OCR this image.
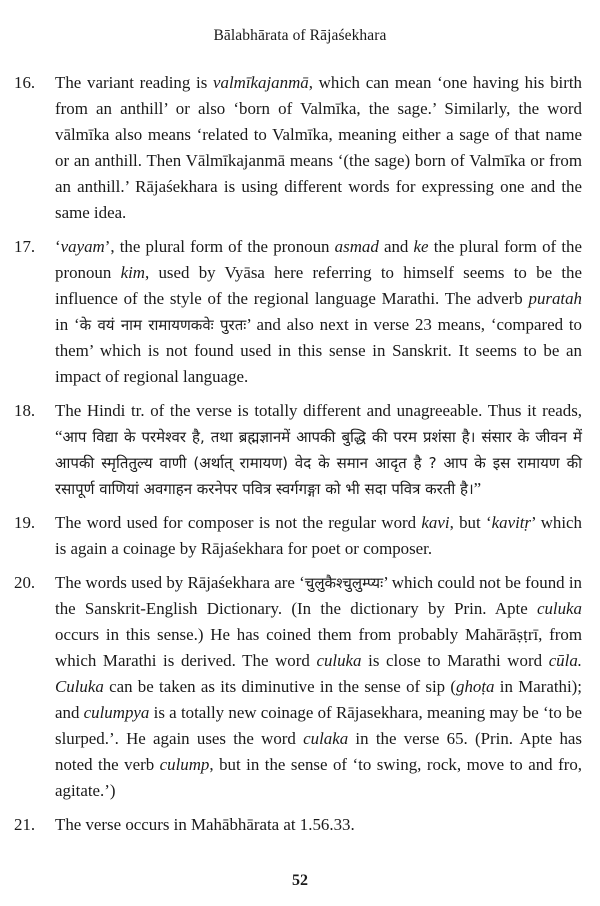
Bālabhārata of Rājaśekhara
16. The variant reading is valmīkajanmā, which can mean ‘one having his birth from an anthill’ or also ‘born of Valmīka, the sage.’ Similarly, the word vālmīka also means ‘related to Valmīka, meaning either a sage of that name or an anthill. Then Vālmīkajanmā means ‘(the sage) born of Valmīka or from an anthill.’ Rājaśekhara is using different words for expressing one and the same idea.
17. ‘vayam’, the plural form of the pronoun asmad and ke the plural form of the pronoun kim, used by Vyāsa here referring to himself seems to be the influence of the style of the regional language Marathi. The adverb puratah in ‘के वयं नाम रामायणकवेः पुरतः’ and also next in verse 23 means, ‘compared to them’ which is not found used in this sense in Sanskrit. It seems to be an impact of regional language.
18. The Hindi tr. of the verse is totally different and unagreeable. Thus it reads, “आप विद्या के परमेश्वर है, तथा ब्रह्मज्ञानमें आपकी बुद्धि की परम प्रशंसा है। संसार के जीवन में आपकी स्मृतितुल्य वाणी (अर्थात् रामायण) वेद के समान आदृत है ? आप के इस रामायण की रसापूर्ण वाणियां अवगाहन करनेपर पवित्र स्वर्गगङ्गा को भी सदा पवित्र करती है।”
19. The word used for composer is not the regular word kavi, but ‘kavitṛ’ which is again a coinage by Rājaśekhara for poet or composer.
20. The words used by Rājaśekhara are ‘चुलुकैश्चुलुम्प्यः’ which could not be found in the Sanskrit-English Dictionary. (In the dictionary by Prin. Apte culuka occurs in this sense.) He has coined them from probably Mahārāṣṭrī, from which Marathi is derived. The word culuka is close to Marathi word cūla. Culuka can be taken as its diminutive in the sense of sip (ghoṭa in Marathi); and culumpya is a totally new coinage of Rājasekhara, meaning may be ‘to be slurped.’. He again uses the word culaka in the verse 65. (Prin. Apte has noted the verb culump, but in the sense of ‘to swing, rock, move to and fro, agitate.’)
21. The verse occurs in Mahābhārata at 1.56.33.
52
